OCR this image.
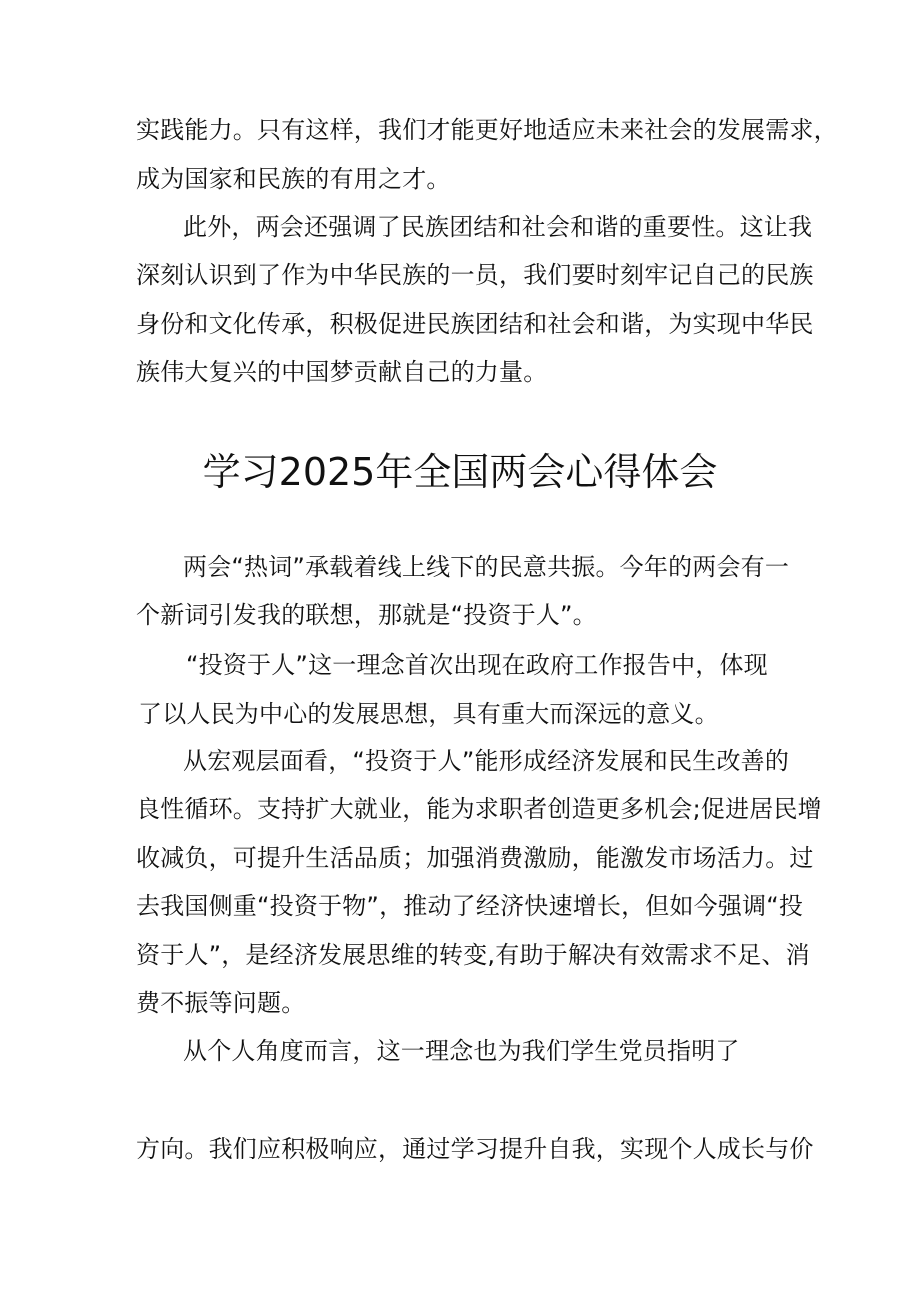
实践能力。只有这样，我们才能更好地适应未来社会的发展需求，
成为国家和民族的有用之才。
此外，两会还强调了民族团结和社会和谐的重要性。这让我
深刻认识到了作为中华民族的一员，我们要时刻牢记自己的民族
身份和文化传承，积极促进民族团结和社会和谐，为实现中华民
族伟大复兴的中国梦贡献自己的力量。
学习2025年全国两会心得体会
两会“热词”承载着线上线下的民意共振。今年的两会有一
个新词引发我的联想，那就是“投资于人”。
“投资于人”这一理念首次出现在政府工作报告中，体现
了以人民为中心的发展思想，具有重大而深远的意义。
从宏观层面看，“投资于人”能形成经济发展和民生改善的
良性循环。支持扩大就业，能为求职者创造更多机会;促进居民增
收减负，可提升生活品质；加强消费激励，能激发市场活力。过
去我国侧重“投资于物”，推动了经济快速增长，但如今强调“投
资于人”，是经济发展思维的转变,有助于解决有效需求不足、消
费不振等问题。
从个人角度而言，这一理念也为我们学生党员指明了
方向。我们应积极响应，通过学习提升自我，实现个人成长与价
